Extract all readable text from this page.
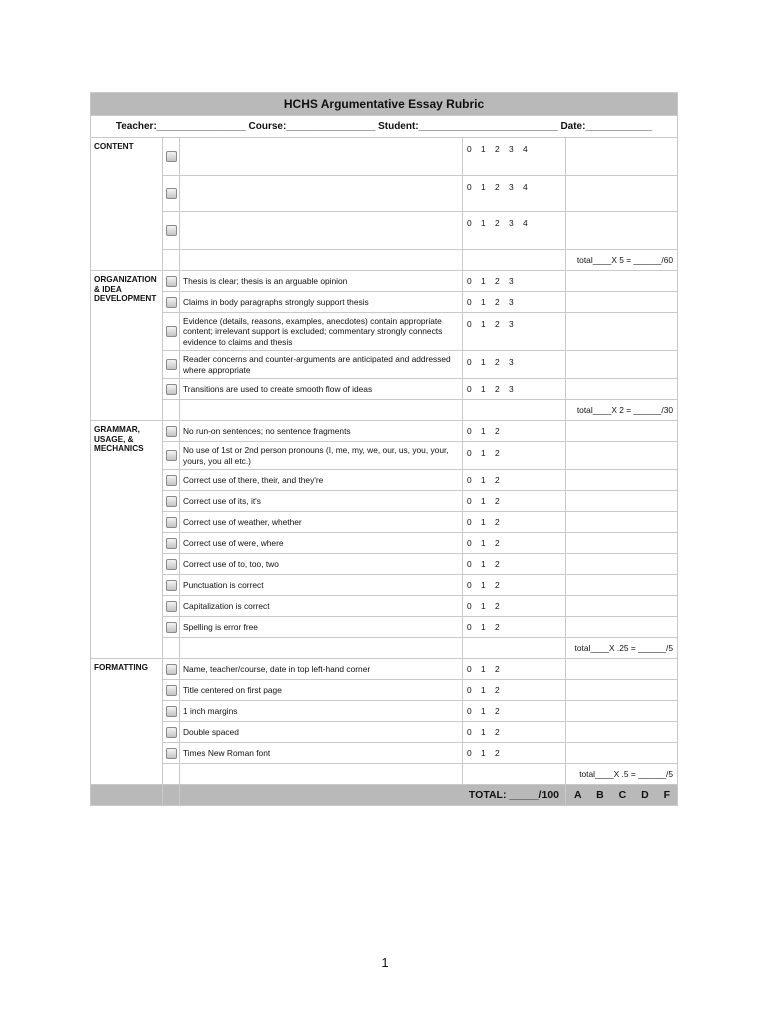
HCHS Argumentative Essay Rubric				
Teacher:________________ Course:________________ Student:_________________________ Date:____________				
CONTENT			0 1 2 3 4	

			0 1 2 3 4	

			0 1 2 3 4	

				total____X 5 = ______/60
ORGANIZATION & IDEA DEVELOPMENT		Thesis is clear; thesis is an arguable opinion	0 1 2 3	

		Claims in body paragraphs strongly support thesis	0 1 2 3	

		Evidence (details, reasons, examples, anecdotes) contain appropriate content; irrelevant support is excluded; commentary strongly connects evidence to claims and thesis	0 1 2 3	

		Reader concerns and counter-arguments are anticipated and addressed where appropriate	0 1 2 3	

		Transitions are used to create smooth flow of ideas	0 1 2 3	

				total____X 2 = ______/30
GRAMMAR, USAGE, & MECHANICS		No run-on sentences; no sentence fragments	0 1 2	

		No use of 1st or 2nd person pronouns (I, me, my, we, our, us, you, your, yours, you all etc.)	0 1 2	

		Correct use of there, their, and they're	0 1 2	

		Correct use of its, it's	0 1 2	

		Correct use of weather, whether	0 1 2	

		Correct use of were, where	0 1 2	

		Correct use of to, too, two	0 1 2	

		Punctuation is correct	0 1 2	

		Capitalization is correct	0 1 2	

		Spelling is error free	0 1 2	

				total____X .25 = ______/5
FORMATTING		Name, teacher/course, date in top left-hand corner	0 1 2	

		Title centered on first page	0 1 2	

		1 inch margins	0 1 2	

		Double spaced	0 1 2	

		Times New Roman font	0 1 2	

				total____X .5 = ______/5
		TOTAL: _____/100		A B C D F
1
